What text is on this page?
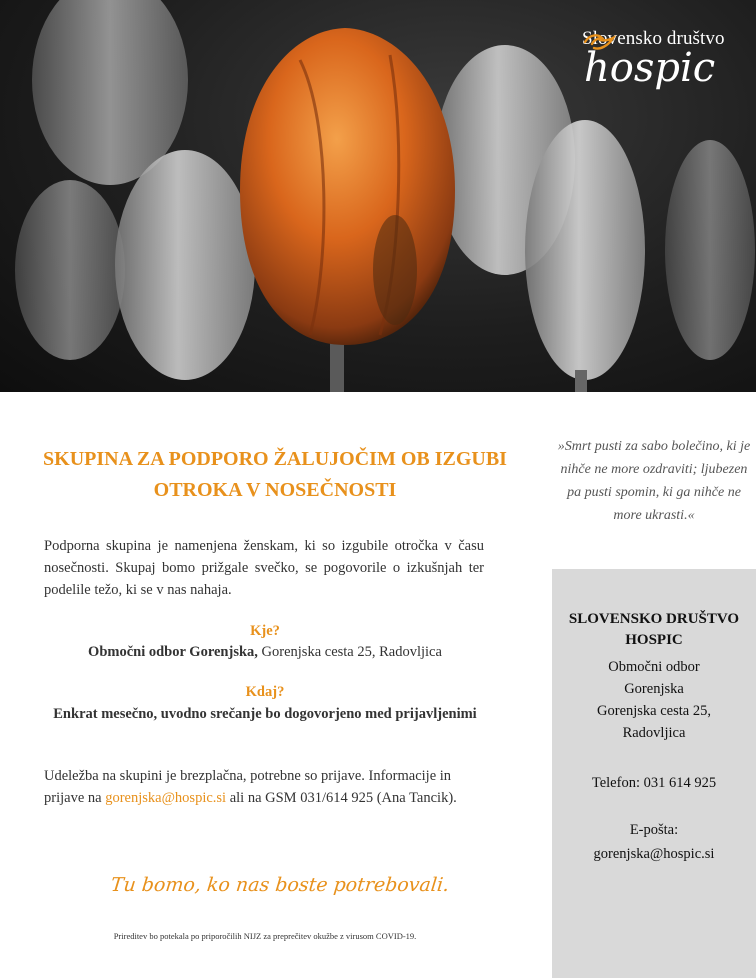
Slovensko društvo
hospic
SKUPINA ZA PODPORO ŽALUJOČIM OB IZGUBI OTROKA V NOSEČNOSTI
Podporna skupina je namenjena ženskam, ki so izgubile otročka v času nosečnosti. Skupaj bomo prižgale svečko, se pogovorile o izkušnjah ter podelile težo, ki se v nas nahaja.
Kje?
Območni odbor Gorenjska, Gorenjska cesta 25, Radovljica
Kdaj?
Enkrat mesečno, uvodno srečanje bo dogovorjeno med prijavljenimi
Udeležba na skupini je brezplačna, potrebne so prijave. Informacije in prijave na gorenjska@hospic.si ali na GSM 031/614 925 (Ana Tancik).
Tu bomo, ko nas boste potrebovali.
Prireditev bo potekala po priporočilih NIJZ za preprečitev okužbe z virusom COVID-19.
»Smrt pusti za sabo bolečino, ki je nihče ne more ozdraviti; ljubezen pa pusti spomin, ki ga nihče ne more ukrasti.«
SLOVENSKO DRUŠTVO HOSPIC
Območni odbor
Gorenjska
Gorenjska cesta 25,
Radovljica
Telefon: 031 614 925
E-pošta:
gorenjska@hospic.si
